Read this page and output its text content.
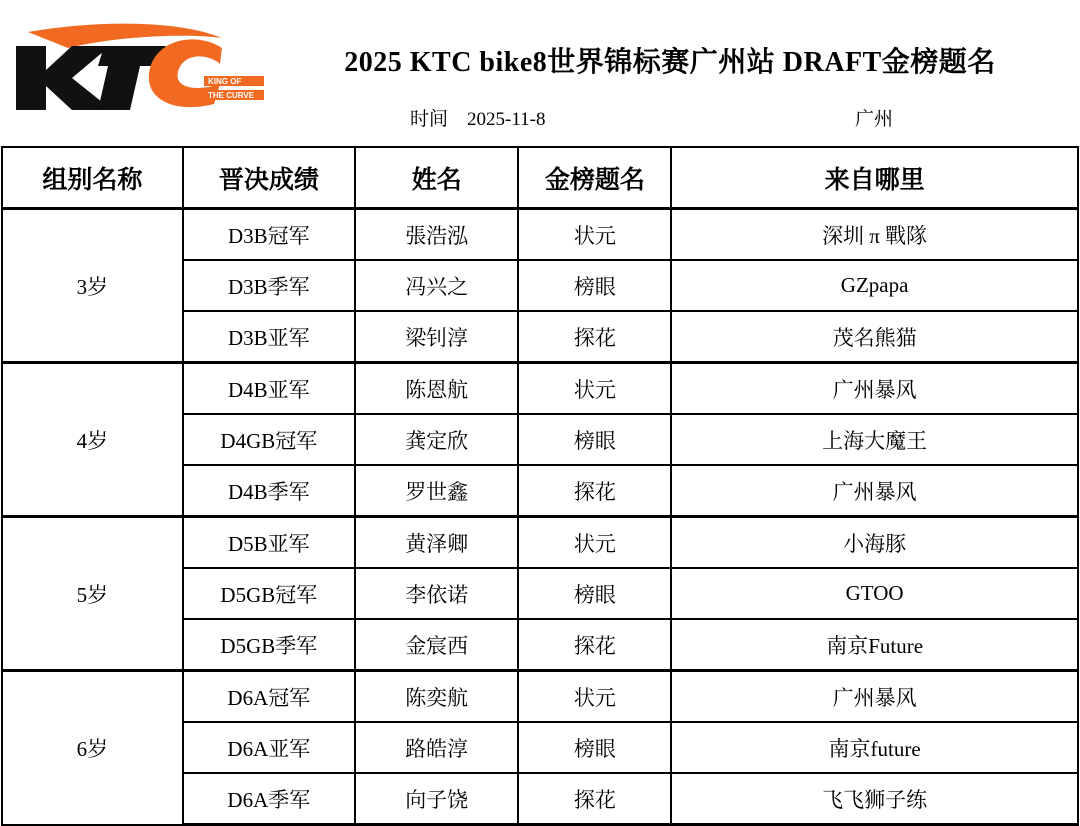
KING OF
THE CURVE
2025 KTC bike8世界锦标赛广州站 DRAFT金榜题名
时间 2025-11-8	广州
组别名称	晋决成绩	姓名	金榜题名	来自哪里
3岁	D3B冠军	張浩泓	状元	深圳 π 戰隊
	D3B季军	冯兴之	榜眼	GZpapa
	D3B亚军	梁钊淳	探花	茂名熊猫
4岁	D4B亚军	陈恩航	状元	广州暴风
	D4GB冠军	龚定欣	榜眼	上海大魔王
	D4B季军	罗世鑫	探花	广州暴风
5岁	D5B亚军	黄泽卿	状元	小海豚
	D5GB冠军	李依诺	榜眼	GTOO
	D5GB季军	金宸西	探花	南京Future
6岁	D6A冠军	陈奕航	状元	广州暴风
	D6A亚军	路皓淳	榜眼	南京future
	D6A季军	向子饶	探花	飞飞狮子练
